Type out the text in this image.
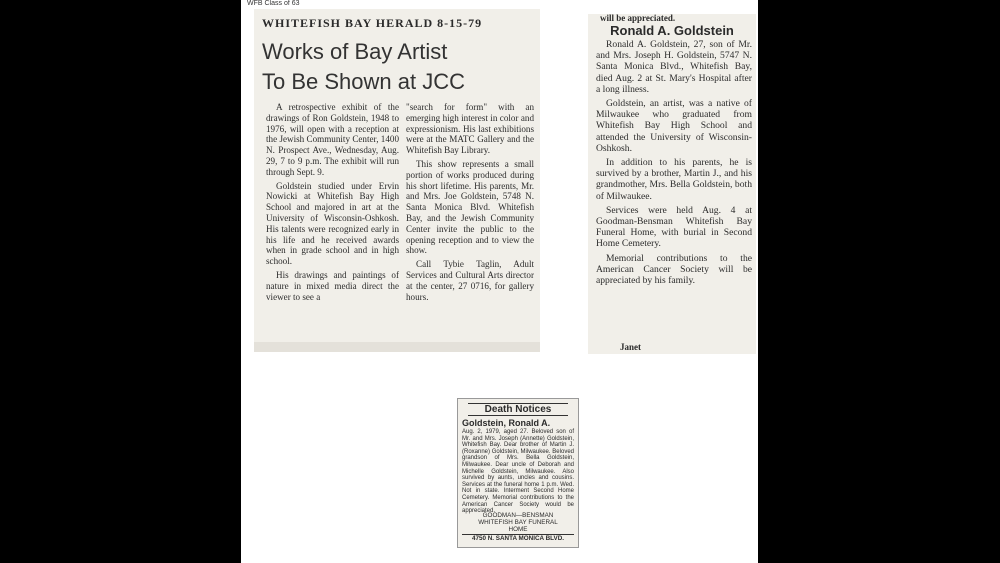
WFB Class of 63
WHITEFISH BAY HERALD 8-15-79
Works of Bay Artist
To Be Shown at JCC

A retrospective exhibit of the drawings of Ron Goldstein, 1948 to 1976, will open with a reception at the Jewish Community Center, 1400 N. Prospect Ave., Wednesday, Aug. 29, 7 to 9 p.m. The exhibit will run through Sept. 9.

Goldstein studied under Ervin Nowicki at Whitefish Bay High School and majored in art at the University of Wisconsin-Oshkosh. His talents were recognized early in his life and he received awards when in grade school and in high school.

His drawings and paintings of nature in mixed media direct the viewer to see a

"search for form" with an emerging high interest in color and expressionism. His last exhibitions were at the MATC Gallery and the Whitefish Bay Library.

This show represents a small portion of works produced during his short lifetime. His parents, Mr. and Mrs. Joe Goldstein, 5748 N. Santa Monica Blvd. Whitefish Bay, and the Jewish Community Center invite the public to the opening reception and to view the show.

Call Tybie Taglin, Adult Services and Cultural Arts director at the center, 27 0716, for gallery hours.

will be appreciated.
Ronald A. Goldstein

Ronald A. Goldstein, 27, son of Mr. and Mrs. Joseph H. Goldstein, 5747 N. Santa Monica Blvd., Whitefish Bay, died Aug. 2 at St. Mary's Hospital after a long illness.

Goldstein, an artist, was a native of Milwaukee who graduated from Whitefish Bay High School and attended the University of Wisconsin-Oshkosh.

In addition to his parents, he is survived by a brother, Martin J., and his grandmother, Mrs. Bella Goldstein, both of Milwaukee.

Services were held Aug. 4 at Goodman-Bensman Whitefish Bay Funeral Home, with burial in Second Home Cemetery.

Memorial contributions to the American Cancer Society will be appreciated by his family.

Janet
Death Notices
Goldstein, Ronald A.
Aug. 2, 1979, aged 27. Beloved son of Mr. and Mrs. Joseph (Annette) Goldstein, Whitefish Bay. Dear brother of Martin J. (Roxanne) Goldstein, Milwaukee. Beloved grandson of Mrs. Bella Goldstein, Milwaukee. Dear uncle of Deborah and Michelle Goldstein, Milwaukee. Also survived by aunts, uncles and cousins. Services at the funeral home 1 p.m. Wed. Not in state. Interment Second Home Cemetery. Memorial contributions to the American Cancer Society would be appreciated.
GOODMAN—BENSMAN
WHITEFISH BAY FUNERAL
HOME
4750 N. SANTA MONICA BLVD.
